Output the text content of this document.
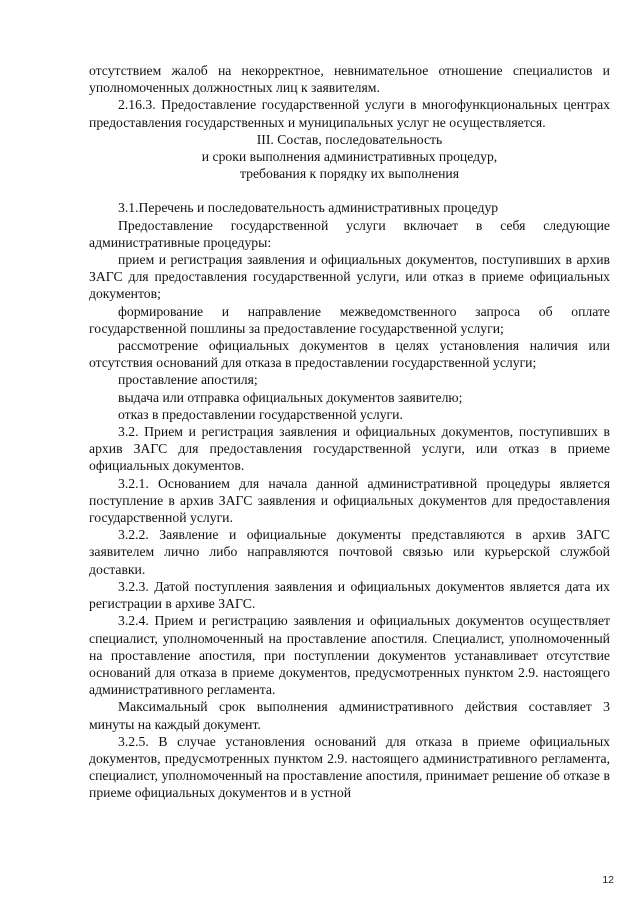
отсутствием жалоб на некорректное, невнимательное отношение специалистов и уполномоченных должностных лиц к заявителям.

2.16.3. Предоставление государственной услуги в многофункциональных центрах предоставления государственных и муниципальных услуг не осуществляется.

III. Состав, последовательность

и сроки выполнения административных процедур,

требования к порядку их выполнения

3.1.Перечень и последовательность административных процедур

Предоставление государственной услуги включает в себя следующие административные процедуры:

прием и регистрация заявления и официальных документов, поступивших в архив ЗАГС для предоставления государственной услуги, или отказ в приеме официальных документов;

формирование и направление межведомственного запроса об оплате государственной пошлины за предоставление государственной услуги;

рассмотрение официальных документов в целях установления наличия или отсутствия оснований для отказа в предоставлении государственной услуги;

проставление апостиля;

выдача или отправка официальных документов заявителю;

отказ в предоставлении государственной услуги.

3.2. Прием и регистрация заявления и официальных документов, поступивших в архив ЗАГС для предоставления государственной услуги, или отказ в приеме официальных документов.

3.2.1. Основанием для начала данной административной процедуры является поступление в архив ЗАГС заявления и официальных документов для предоставления государственной услуги.

3.2.2. Заявление и официальные документы представляются в архив ЗАГС заявителем лично либо направляются почтовой связью или курьерской службой доставки.

3.2.3. Датой поступления заявления и официальных документов является дата их регистрации в архиве ЗАГС.

3.2.4. Прием и регистрацию заявления и официальных документов осуществляет специалист, уполномоченный на проставление апостиля. Специалист, уполномоченный на проставление апостиля, при поступлении документов устанавливает отсутствие оснований для отказа в приеме документов, предусмотренных пунктом 2.9. настоящего административного регламента.

Максимальный срок выполнения административного действия составляет 3 минуты на каждый документ.

3.2.5. В случае установления оснований для отказа в приеме официальных документов, предусмотренных пунктом 2.9. настоящего административного регламента, специалист, уполномоченный на проставление апостиля, принимает решение об отказе в приеме официальных документов и в устной

12
